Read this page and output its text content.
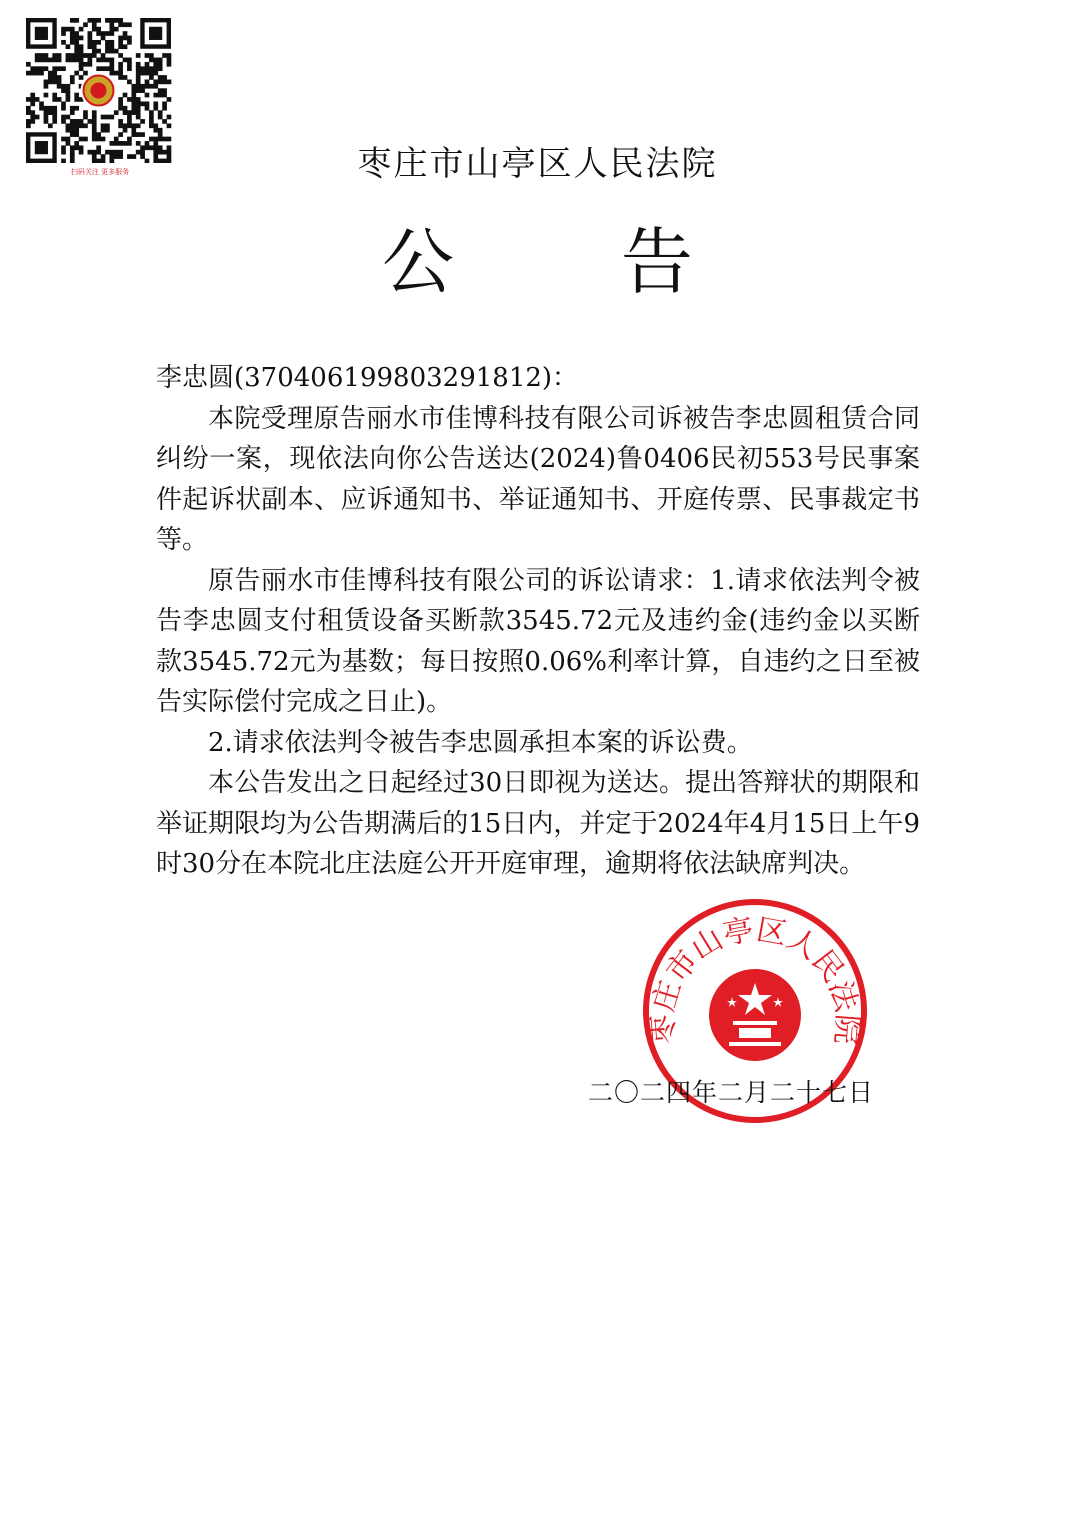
扫码关注 更多服务	枣庄市山亭区人民法院
公 告

李忠圆(370406199803291812)：

本院受理原告丽水市佳博科技有限公司诉被告李忠圆租赁合同纠纷一案，现依法向你公告送达(2024)鲁0406民初553号民事案件起诉状副本、应诉通知书、举证通知书、开庭传票、民事裁定书等。

原告丽水市佳博科技有限公司的诉讼请求：1.请求依法判令被告李忠圆支付租赁设备买断款3545.72元及违约金(违约金以买断款3545.72元为基数；每日按照0.06%利率计算，自违约之日至被告实际偿付完成之日止)。

2.请求依法判令被告李忠圆承担本案的诉讼费。

本公告发出之日起经过30日即视为送达。提出答辩状的期限和举证期限均为公告期满后的15日内，并定于2024年4月15日上午9时30分在本院北庄法庭公开开庭审理，逾期将依法缺席判决。

枣庄市山亭区人民法院
二〇二四年二月二十七日
